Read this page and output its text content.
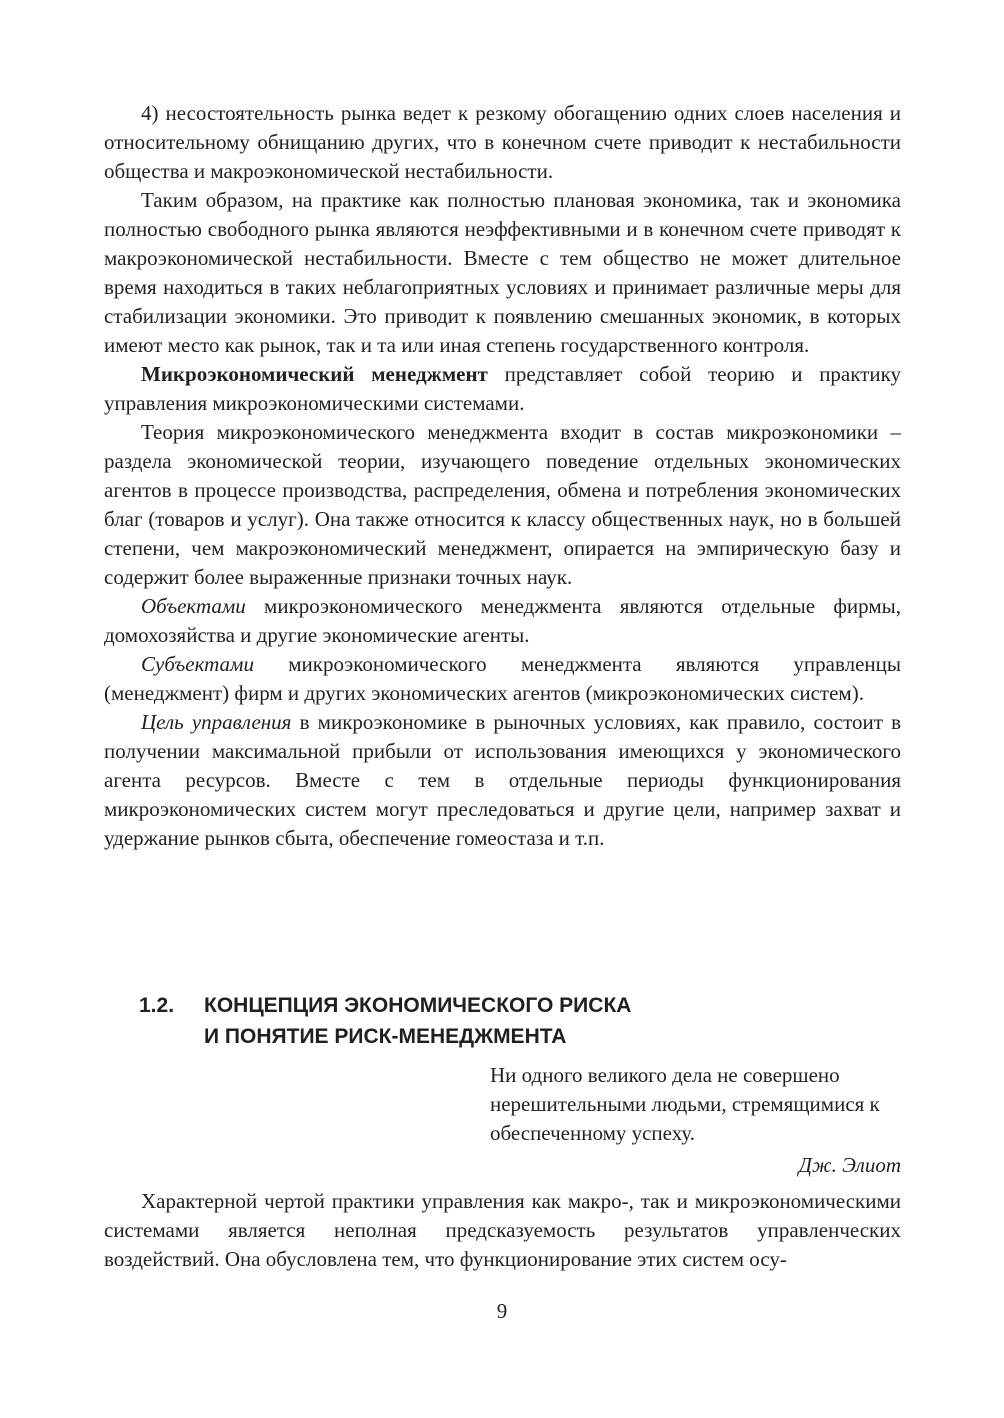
4) несостоятельность рынка ведет к резкому обогащению одних слоев населения и относительному обнищанию других, что в конечном счете приводит к нестабильности общества и макроэкономической нестабильности.

Таким образом, на практике как полностью плановая экономика, так и экономика полностью свободного рынка являются неэффективными и в конечном счете приводят к макроэкономической нестабильности. Вместе с тем общество не может длительное время находиться в таких неблагоприятных условиях и принимает различные меры для стабилизации экономики. Это приводит к появлению смешанных экономик, в которых имеют место как рынок, так и та или иная степень государственного контроля.

Микроэкономический менеджмент представляет собой теорию и практику управления микроэкономическими системами.

Теория микроэкономического менеджмента входит в состав микроэкономики – раздела экономической теории, изучающего поведение отдельных экономических агентов в процессе производства, распределения, обмена и потребления экономических благ (товаров и услуг). Она также относится к классу общественных наук, но в большей степени, чем макроэкономический менеджмент, опирается на эмпирическую базу и содержит более выраженные признаки точных наук.

Объектами микроэкономического менеджмента являются отдельные фирмы, домохозяйства и другие экономические агенты.

Субъектами микроэкономического менеджмента являются управленцы (менеджмент) фирм и других экономических агентов (микроэкономических систем).

Цель управления в микроэкономике в рыночных условиях, как правило, состоит в получении максимальной прибыли от использования имеющихся у экономического агента ресурсов. Вместе с тем в отдельные периоды функционирования микроэкономических систем могут преследоваться и другие цели, например захват и удержание рынков сбыта, обеспечение гомеостаза и т.п.

1.2. КОНЦЕПЦИЯ ЭКОНОМИЧЕСКОГО РИСКА
И ПОНЯТИЕ РИСК-МЕНЕДЖМЕНТА

Ни одного великого дела не совершено нерешительными людьми, стремящимися к обеспеченному успеху.

Дж. Элиот

Характерной чертой практики управления как макро-, так и микроэкономическими системами является неполная предсказуемость результатов управленческих воздействий. Она обусловлена тем, что функционирование этих систем осу-

9
